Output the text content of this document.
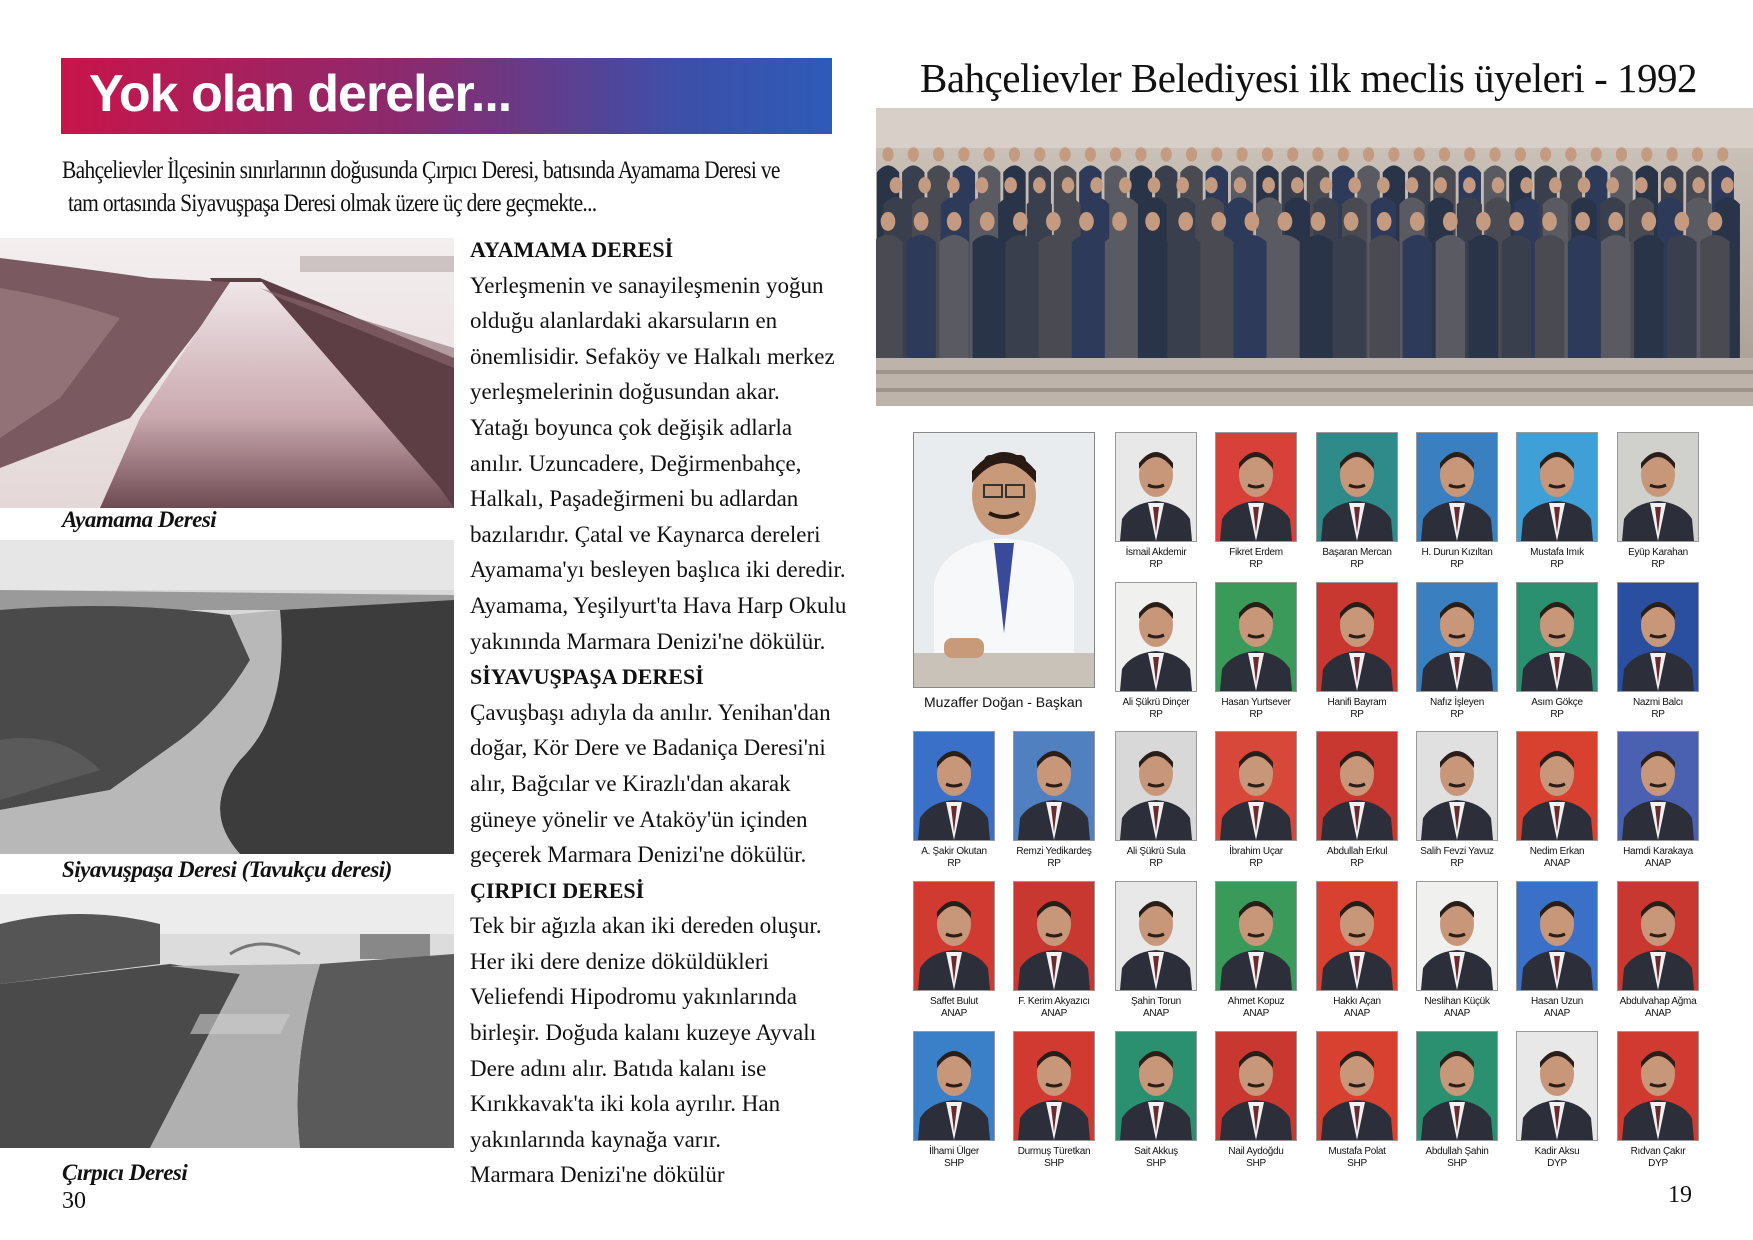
Yok olan dereler...
Bahçelievler İlçesinin sınırlarının doğusunda Çırpıcı Deresi, batısında Ayamama Deresi ve
tam ortasında Siyavuşpaşa Deresi olmak üzere üç dere geçmekte...
Ayamama Deresi
Siyavuşpaşa Deresi (Tavukçu deresi)
Çırpıcı Deresi
AYAMAMA DERESİ
Yerleşmenin ve sanayileşmenin yoğun
olduğu alanlardaki akarsuların en
önemlisidir. Sefaköy ve Halkalı merkez
yerleşmelerinin doğusundan akar.
Yatağı boyunca çok değişik adlarla
anılır. Uzuncadere, Değirmenbahçe,
Halkalı, Paşadeğirmeni bu adlardan
bazılarıdır. Çatal ve Kaynarca dereleri
Ayamama'yı besleyen başlıca iki deredir.
Ayamama, Yeşilyurt'ta Hava Harp Okulu
yakınında Marmara Denizi'ne dökülür.
SİYAVUŞPAŞA DERESİ
Çavuşbaşı adıyla da anılır. Yenihan'dan
doğar, Kör Dere ve Badaniça Deresi'ni
alır, Bağcılar ve Kirazlı'dan akarak
güneye yönelir ve Ataköy'ün içinden
geçerek Marmara Denizi'ne dökülür.
ÇIRPICI DERESİ
Tek bir ağızla akan iki dereden oluşur.
Her iki dere denize döküldükleri
Veliefendi Hipodromu yakınlarında
birleşir. Doğuda kalanı kuzeye Ayvalı
Dere adını alır. Batıda kalanı ise
Kırıkkavak'ta iki kola ayrılır. Han
yakınlarında kaynağa varır.
Marmara Denizi'ne dökülür
30
Bahçelievler Belediyesi ilk meclis üyeleri - 1992
Muzaffer Doğan - Başkan
İsmail Akdemir
RP
Fikret Erdem
RP
Başaran Mercan
RP
H. Durun Kızıltan
RP
Mustafa Imık
RP
Eyüp Karahan
RP
Ali Şükrü Dinçer
RP
Hasan Yurtsever
RP
Hanifi Bayram
RP
Nafız İşleyen
RP
Asım Gökçe
RP
Nazmi Balcı
RP
A. Şakir Okutan
RP
Remzi Yedikardeş
RP
Ali Şükrü Sula
RP
İbrahim Uçar
RP
Abdullah Erkul
RP
Salih Fevzi Yavuz
RP
Nedim Erkan
ANAP
Hamdi Karakaya
ANAP
Saffet Bulut
ANAP
F. Kerim Akyazıcı
ANAP
Şahin Torun
ANAP
Ahmet Kopuz
ANAP
Hakkı Açan
ANAP
Neslihan Küçük
ANAP
Hasan Uzun
ANAP
Abdulvahap Ağma
ANAP
İlhami Ülger
SHP
Durmuş Türetkan
SHP
Sait Akkuş
SHP
Nail Aydoğdu
SHP
Mustafa Polat
SHP
Abdullah Şahin
SHP
Kadir Aksu
DYP
Rıdvan Çakır
DYP
19
